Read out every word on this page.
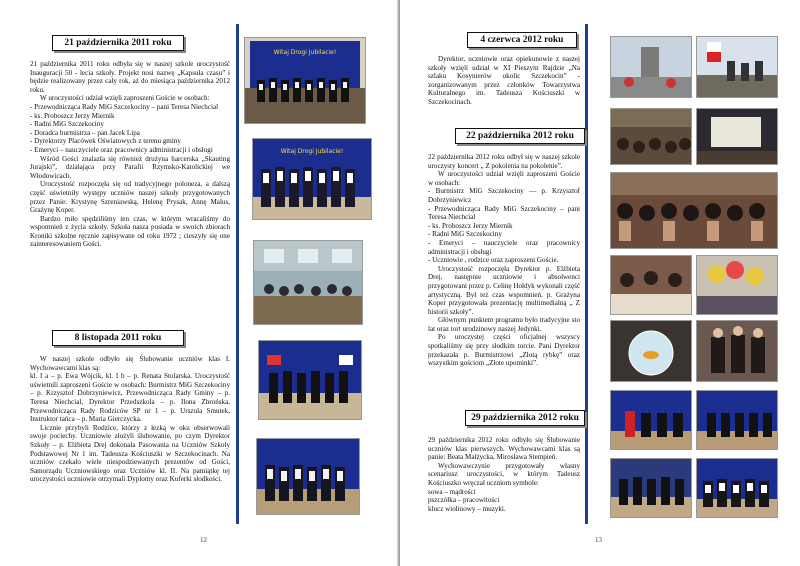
21 października 2011 roku

21 października 2011 roku odbyła się w naszej szkole uroczystość Inauguracji 50 - lecia szkoły. Projekt nosi nazwę „Kapsuła czasu” i będzie realizowany przez cały rok, aż do miesiąca października 2012 roku.

W uroczystości udział wzięli zaproszeni Goście w osobach:

- Przewodnicząca Rady MiG Szczekociny – pani Teresa Niechcial

- ks. Proboszcz Jerzy Miernik

- Radni MiG Szczekociny

- Doradca burmistrza – pan Jacek Lipa

- Dyrektorzy Placówek Oświatowych z terenu gminy

- Emeryci – nauczyciele oraz pracownicy administracji i obsługi

Wśród Gości znalazła się również drużyna harcerska „Skauting Jurajski”, działająca przy Parafii Rzymsko-Katolickiej we Włodowicach.

Uroczystość rozpoczęła się od tradycyjnego poloneza, a dalszą część uświetniły występy uczniów naszej szkoły przygotowanych przez Panie: Krystynę Szreniawską, Helenę Prysak, Annę Malus, Grażynę Koper.

Bardzo miło spędziliśmy ten czas, w którym wracaliśmy do wspomnień z życia szkoły. Szkoła nasza posiada w swoich zbiorach Kroniki szkolne ręcznie zapisywane od roku 1972 ; cieszyły się one zainteresowaniem Gości.

8 listopada 2011 roku

W naszej szkole odbyło się Ślubowanie uczniów klas I. Wychowawcami klas są:

kl. I a – p. Ewa Wójcik, kl. I b – p. Renata Stolarska. Uroczystość uświetnili zaproszeni Goście w osobach: Burmistrz MiG Szczekociny – p. Krzysztof Dobrzyniewicz, Przewodnicząca Rady Gminy – p. Teresa Niechcial, Dyrektor Przedszkola – p. Ilona Zbrońska, Przewodnicząca Rady Rodziców SP nr 1 – p. Urszula Smutek, Instruktor tańca – p. Maria Gierczycka.

Licznie przybyli Rodzice, którzy z łezką w oku obserwowali swoje pociechy. Uczniowie złożyli ślubowanie, po czym Dyrektor Szkoły – p. Elżbieta Drej dokonała Pasowania na Uczniów Szkoły Podstawowej Nr 1 im. Tadeusza Kościuszki w Szczekocinach. Na uczniów czekało wiele niespodziewanych prezentów od Gości, Samorządu Uczniowskiego oraz Uczniów kl. II. Na pamiątkę tej uroczystości uczniowie otrzymali Dyplomy oraz Kuferki słodkości.

Witaj Drogi Jubilacie!
Witaj Drogi Jubilacie!
12
4 czerwca 2012 roku

Dyrektor, uczniowie oraz opiekunowie z naszej szkoły wzięli udział w XI Pieszym Rajdzie „Na szlaku Kosynierów okolic Szczekocin” - zorganizowanym przez członków Towarzystwa Kulturalnego im. Tadeusza Kościuszki w Szczekocinach.

22 października 2012 roku

22 października 2012 roku odbył się w naszej szkole uroczysty koncert „ Z pokolenia na pokolenie”.

W uroczystości udział wzięli zaproszeni Goście w osobach:

- Burmistrz MiG Szczekociny — p. Krzysztof Dobrzyniewicz

- Przewodnicząca Rady MiG Szczekociny – pani Teresa Niechcial

- ks. Proboszcz Jerzy Miernik

- Radni MiG Szczekociny

- Emeryci – nauczyciele oraz pracownicy administracji i obsługi

- Uczniowie , rodzice oraz zaproszeni Goście.

Uroczystość rozpoczęła Dyrektor p. Elżbieta Drej, następnie uczniowie i absolwenci przygotowani przez p. Celinę Hołdyk wykonali część artystyczną. Był też czas wspomnień. p. Grażyna Koper przygotowała prezentację multimedialną „ Z historii szkoły”.

Głównym punktem programu było tradycyjne sto lat oraz tort urodzinowy naszej Jedynki.

Po uroczystej części oficjalnej wszyscy spotkaliśmy się przy słodkim torcie. Pani Dyrektor przekazała p. Burmistrzowi „Złotą rybkę” oraz wszystkim gościom „Złote upominki”.

29 października 2012 roku

29 października 2012 roku odbyło się Ślubowanie uczniów klas pierwszych. Wychowawcami klas są panie: Beata Małżycka, Mirosława Stempień.

Wychowawczynie przygotowały własny scenariusz uroczystości, w którym Tadeusz Kościuszko wręczał uczniom symbole:

sowa – mądrości

pszczółka – pracowitości

klucz wiolinowy – muzyki.

13
